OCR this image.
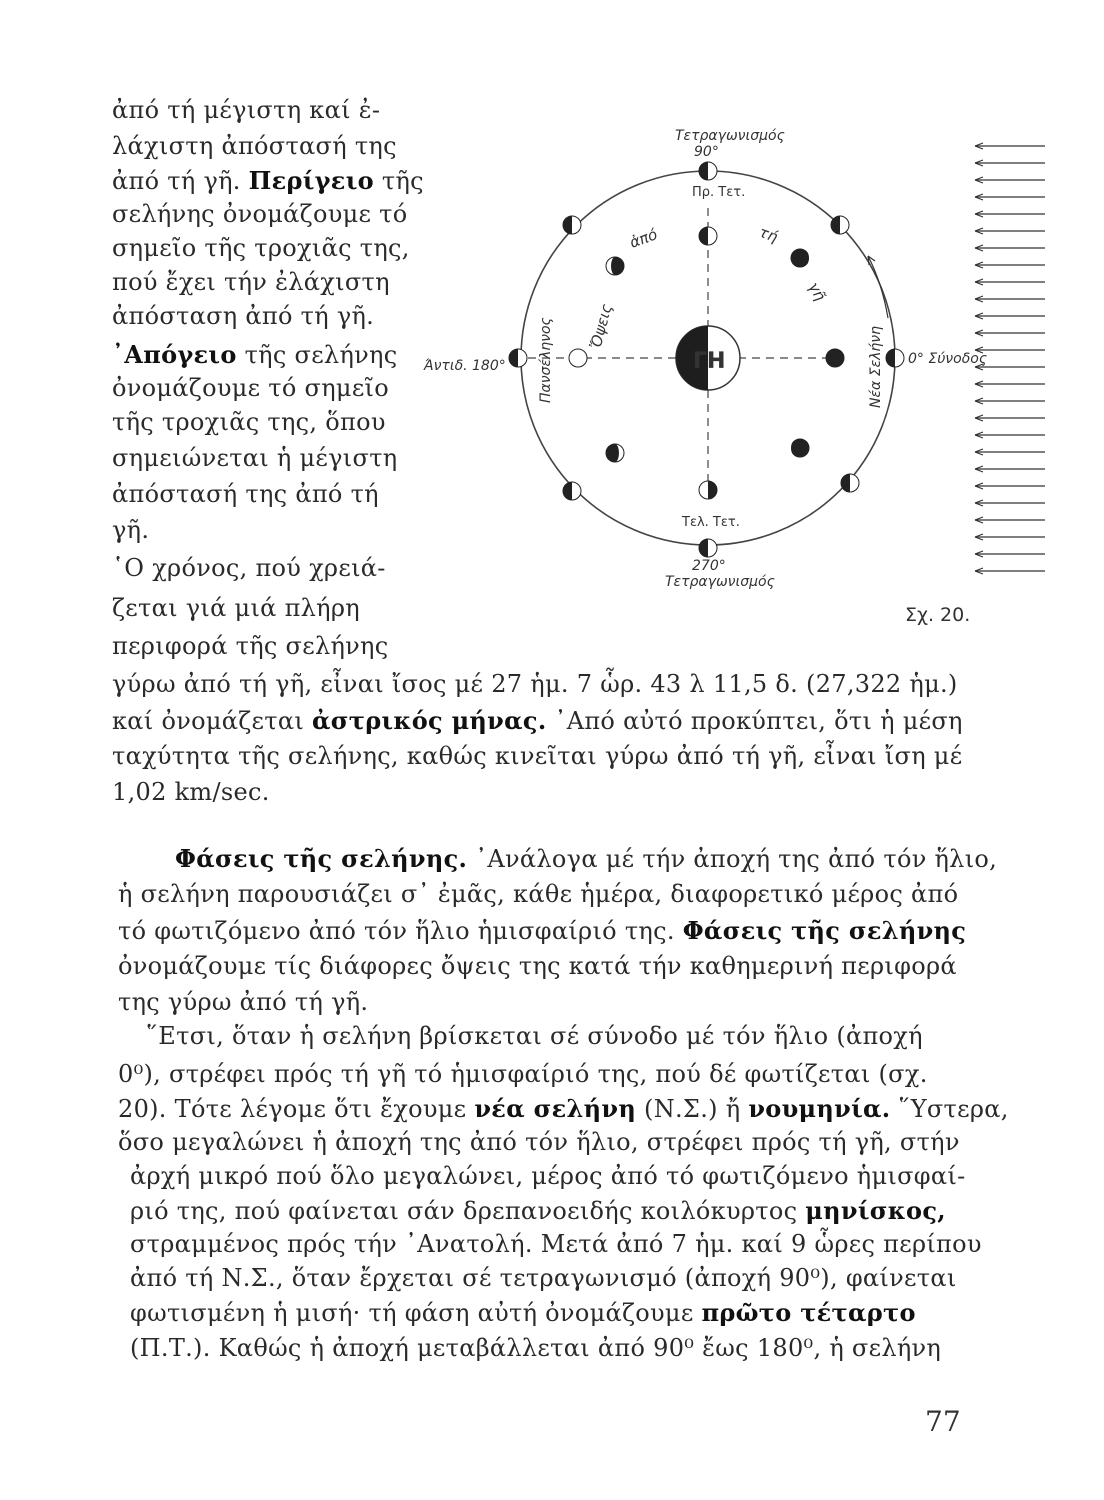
ἀπό τή μέγιστη καί ἐ-
λάχιστη ἀπόστασή της
ἀπό τή γῆ. Περίγειο τῆς
σελήνης ὀνομάζουμε τό
σημεῖο τῆς τροχιᾶς της,
πού ἔχει τήν ἐλάχιστη
ἀπόσταση ἀπό τή γῆ.
᾿Απόγειο τῆς σελήνης
ὀνομάζουμε τό σημεῖο
τῆς τροχιᾶς της, ὅπου
σημειώνεται ἡ μέγιστη
ἀπόστασή της ἀπό τή
γῆ.
῾Ο χρόνος, πού χρειά-
ζεται γιά μιά πλήρη
περιφορά τῆς σελήνης
ΓΗ
Τετραγωνισμός
90°
Πρ. Τετ.
Άντιδ. 180°	0° Σύνοδος
Τελ. Τετ.
270°
Τετραγωνισμός
Πανσέληνος	Νέα Σελήνη
Ὄψεις
ἀπό	τή
γῆ
Σχ. 20.
γύρω ἀπό τή γῆ, εἶναι ἴσος μέ 27 ἡμ. 7 ὧρ. 43 λ 11,5 δ. (27,322 ἡμ.)
καί ὀνομάζεται ἀστρικός μήνας. ᾿Από αὐτό προκύπτει, ὅτι ἡ μέση
ταχύτητα τῆς σελήνης, καθώς κινεῖται γύρω ἀπό τή γῆ, εἶναι ἴση μέ
1,02 km/sec.
Φάσεις τῆς σελήνης. ᾿Ανάλογα μέ τήν ἀποχή της ἀπό τόν ἥλιο,
ἡ σελήνη παρουσιάζει σ᾿ ἐμᾶς, κάθε ἡμέρα, διαφορετικό μέρος ἀπό
τό φωτιζόμενο ἀπό τόν ἥλιο ἡμισφαίριό της. Φάσεις τῆς σελήνης
ὀνομάζουμε τίς διάφορες ὄψεις της κατά τήν καθημερινή περιφορά
της γύρω ἀπό τή γῆ.
῞Ετσι, ὅταν ἡ σελήνη βρίσκεται σέ σύνοδο μέ τόν ἥλιο (ἀποχή
0⁰), στρέφει πρός τή γῆ τό ἡμισφαίριό της, πού δέ φωτίζεται (σχ.
20). Τότε λέγομε ὅτι ἔχουμε νέα σελήνη (Ν.Σ.) ἤ νουμηνία. ῞Υστερα,
ὅσο μεγαλώνει ἡ ἀποχή της ἀπό τόν ἥλιο, στρέφει πρός τή γῆ, στήν
ἀρχή μικρό πού ὅλο μεγαλώνει, μέρος ἀπό τό φωτιζόμενο ἡμισφαί-
ριό της, πού φαίνεται σάν δρεπανοειδής κοιλόκυρτος μηνίσκος,
στραμμένος πρός τήν ᾿Ανατολή. Μετά ἀπό 7 ἡμ. καί 9 ὧρες περίπου
ἀπό τή Ν.Σ., ὅταν ἔρχεται σέ τετραγωνισμό (ἀποχή 90⁰), φαίνεται
φωτισμένη ἡ μισή· τή φάση αὐτή ὀνομάζουμε πρῶτο τέταρτο
(Π.Τ.). Καθώς ἡ ἀποχή μεταβάλλεται ἀπό 90⁰ ἔως 180⁰, ἡ σελήνη
77
